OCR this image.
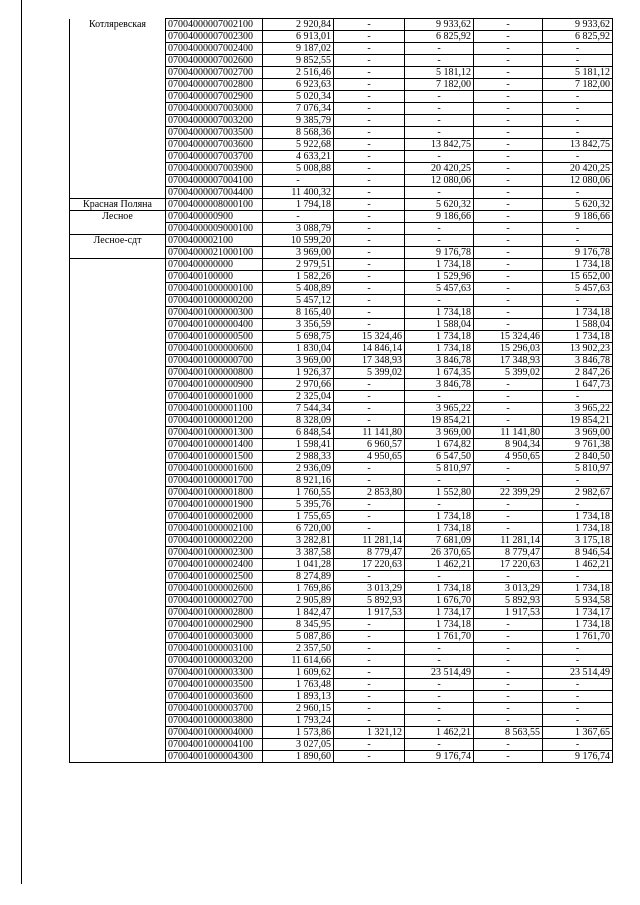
Котляревская	07004000007002100	2 920,84	-	9 933,62	-	9 933,62
	07004000007002300	6 913,01	-	6 825,92	-	6 825,92
	07004000007002400	9 187,02	-	-	-	-
	07004000007002600	9 852,55	-	-	-	-
	07004000007002700	2 516,46	-	5 181,12	-	5 181,12
	07004000007002800	6 923,63	-	7 182,00	-	7 182,00
	07004000007002900	5 020,34	-	-	-	-
	07004000007003000	7 076,34	-	-	-	-
	07004000007003200	9 385,79	-	-	-	-
	07004000007003500	8 568,36	-	-	-	-
	07004000007003600	5 922,68	-	13 842,75	-	13 842,75
	07004000007003700	4 633,21	-	-	-	-
	07004000007003900	5 008,88	-	20 420,25	-	20 420,25
	07004000007004100	-	-	12 080,06	-	12 080,06
	07004000007004400	11 400,32	-	-	-	-
Красная Поляна	07004000008000100	1 794,18	-	5 620,32	-	5 620,32
Лесное	0700400000900	-	-	9 186,66	-	9 186,66
	07004000009000100	3 088,79	-	-	-	-
Лесное-сдт	0700400002100	10 599,20	-	-	-	-
	07004000021000100	3 969,00	-	9 176,78	-	9 176,78
	0700400000000	2 979,51	-	1 734,18	-	1 734,18
	0700400100000	1 582,26	-	1 529,96	-	15 652,00
	07004001000000100	5 408,89	-	5 457,63	-	5 457,63
	07004001000000200	5 457,12	-	-	-	-
	07004001000000300	8 165,40	-	1 734,18	-	1 734,18
	07004001000000400	3 356,59	-	1 588,04	-	1 588,04
	07004001000000500	5 698,75	15 324,46	1 734,18	15 324,46	1 734,18
	07004001000000600	1 830,04	14 846,14	1 734,18	15 296,03	13 902,23
	07004001000000700	3 969,00	17 348,93	3 846,78	17 348,93	3 846,78
	07004001000000800	1 926,37	5 399,02	1 674,35	5 399,02	2 847,26
	07004001000000900	2 970,66	-	3 846,78	-	1 647,73
	07004001000001000	2 325,04	-	-	-	-
	07004001000001100	7 544,34	-	3 965,22	-	3 965,22
	07004001000001200	8 328,09	-	19 854,21	-	19 854,21
	07004001000001300	6 848,54	11 141,80	3 969,00	11 141,80	3 969,00
	07004001000001400	1 598,41	6 960,57	1 674,82	8 904,34	9 761,38
	07004001000001500	2 988,33	4 950,65	6 547,50	4 950,65	2 840,50
	07004001000001600	2 936,09	-	5 810,97	-	5 810,97
	07004001000001700	8 921,16	-	-	-	-
	07004001000001800	1 760,55	2 853,80	1 552,80	22 399,29	2 982,67
	07004001000001900	5 395,76	-	-	-	-
	07004001000002000	1 755,65	-	1 734,18	-	1 734,18
	07004001000002100	6 720,00	-	1 734,18	-	1 734,18
	07004001000002200	3 282,81	11 281,14	7 681,09	11 281,14	3 175,18
	07004001000002300	3 387,58	8 779,47	26 370,65	8 779,47	8 946,54
	07004001000002400	1 041,28	17 220,63	1 462,21	17 220,63	1 462,21
	07004001000002500	8 274,89	-	-	-	-
	07004001000002600	1 769,86	3 013,29	1 734,18	3 013,29	1 734,18
	07004001000002700	2 905,89	5 892,93	1 676,70	5 892,93	5 934,58
	07004001000002800	1 842,47	1 917,53	1 734,17	1 917,53	1 734,17
	07004001000002900	8 345,95	-	1 734,18	-	1 734,18
	07004001000003000	5 087,86	-	1 761,70	-	1 761,70
	07004001000003100	2 357,50	-	-	-	-
	07004001000003200	11 614,66	-	-	-	-
	07004001000003300	1 609,62	-	23 514,49	-	23 514,49
	07004001000003500	1 763,48	-	-	-	-
	07004001000003600	1 893,13	-	-	-	-
	07004001000003700	2 960,15	-	-	-	-
	07004001000003800	1 793,24	-	-	-	-
	07004001000004000	1 573,86	1 321,12	1 462,21	8 563,55	1 367,65
	07004001000004100	3 027,05	-	-	-	-
	07004001000004300	1 890,60	-	9 176,74	-	9 176,74
